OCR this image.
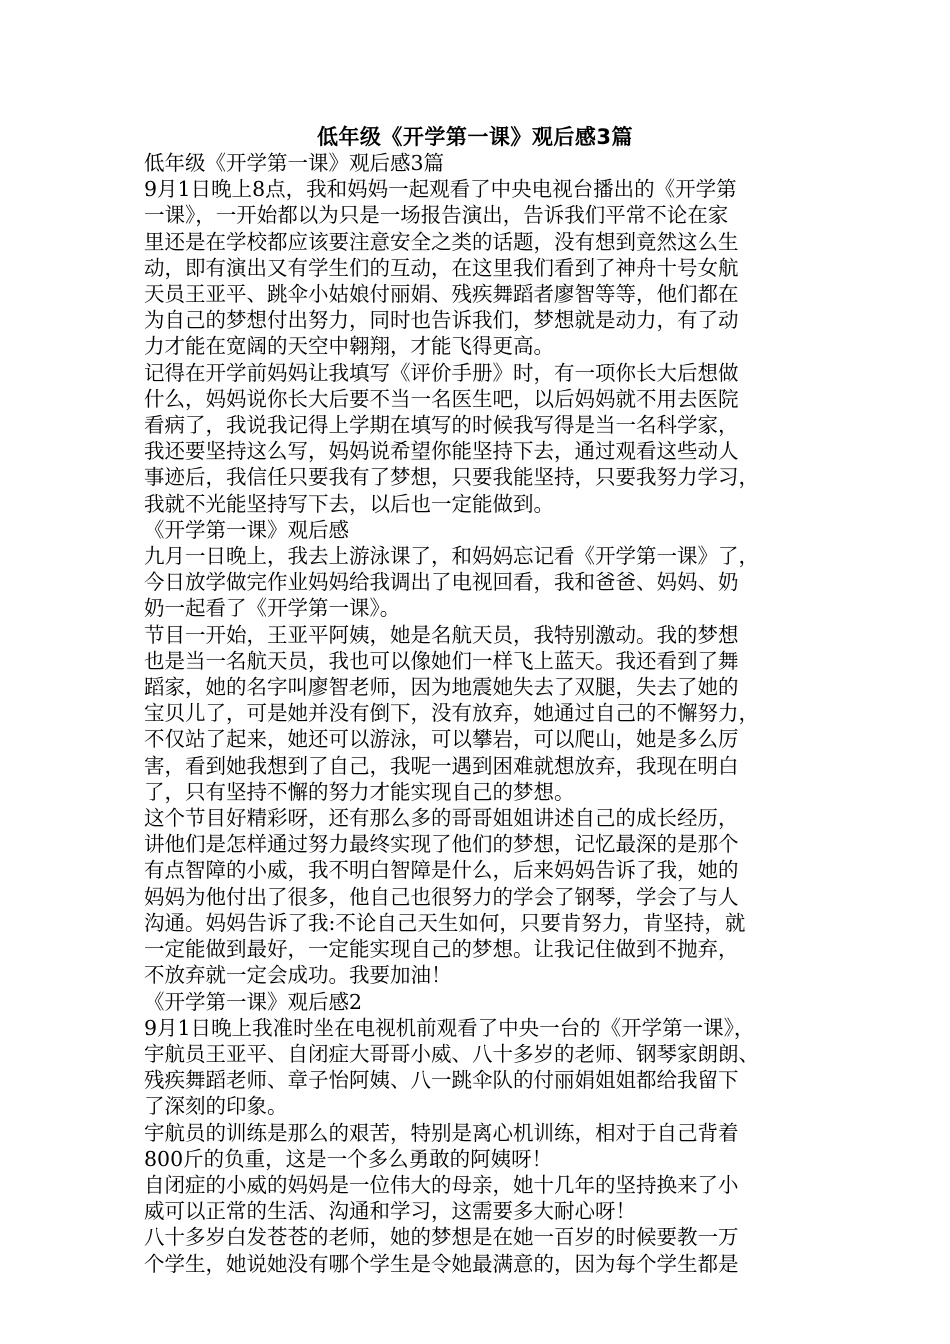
低年级《开学第一课》观后感3篇
低年级《开学第一课》观后感3篇
9月1日晚上8点，我和妈妈一起观看了中央电视台播出的《开学第
一课》，一开始都以为只是一场报告演出，告诉我们平常不论在家
里还是在学校都应该要注意安全之类的话题，没有想到竟然这么生
动，即有演出又有学生们的互动，在这里我们看到了神舟十号女航
天员王亚平、跳伞小姑娘付丽娟、残疾舞蹈者廖智等等，他们都在
为自己的梦想付出努力，同时也告诉我们，梦想就是动力，有了动
力才能在宽阔的天空中翱翔，才能飞得更高。
记得在开学前妈妈让我填写《评价手册》时，有一项你长大后想做
什么，妈妈说你长大后要不当一名医生吧，以后妈妈就不用去医院
看病了，我说我记得上学期在填写的时候我写得是当一名科学家，
我还要坚持这么写，妈妈说希望你能坚持下去，通过观看这些动人
事迹后，我信任只要我有了梦想，只要我能坚持，只要我努力学习，
我就不光能坚持写下去，以后也一定能做到。
《开学第一课》观后感
九月一日晚上，我去上游泳课了，和妈妈忘记看《开学第一课》了，
今日放学做完作业妈妈给我调出了电视回看，我和爸爸、妈妈、奶
奶一起看了《开学第一课》。
节目一开始，王亚平阿姨，她是名航天员，我特别激动。我的梦想
也是当一名航天员，我也可以像她们一样飞上蓝天。我还看到了舞
蹈家，她的名字叫廖智老师，因为地震她失去了双腿，失去了她的
宝贝儿了，可是她并没有倒下，没有放弃，她通过自己的不懈努力，
不仅站了起来，她还可以游泳，可以攀岩，可以爬山，她是多么厉
害，看到她我想到了自己，我呢一遇到困难就想放弃，我现在明白
了，只有坚持不懈的努力才能实现自己的梦想。
这个节目好精彩呀，还有那么多的哥哥姐姐讲述自己的成长经历，
讲他们是怎样通过努力最终实现了他们的梦想，记忆最深的是那个
有点智障的小威，我不明白智障是什么，后来妈妈告诉了我，她的
妈妈为他付出了很多，他自己也很努力的学会了钢琴，学会了与人
沟通。妈妈告诉了我:不论自己天生如何，只要肯努力，肯坚持，就
一定能做到最好，一定能实现自己的梦想。让我记住做到不抛弃，
不放弃就一定会成功。我要加油！
《开学第一课》观后感2
9月1日晚上我准时坐在电视机前观看了中央一台的《开学第一课》，
宇航员王亚平、自闭症大哥哥小威、八十多岁的老师、钢琴家朗朗、
残疾舞蹈老师、章子怡阿姨、八一跳伞队的付丽娟姐姐都给我留下
了深刻的印象。
宇航员的训练是那么的艰苦，特别是离心机训练，相对于自己背着
800斤的负重，这是一个多么勇敢的阿姨呀！
自闭症的小威的妈妈是一位伟大的母亲，她十几年的坚持换来了小
威可以正常的生活、沟通和学习，这需要多大耐心呀！
八十多岁白发苍苍的老师，她的梦想是在她一百岁的时候要教一万
个学生，她说她没有哪个学生是令她最满意的，因为每个学生都是
